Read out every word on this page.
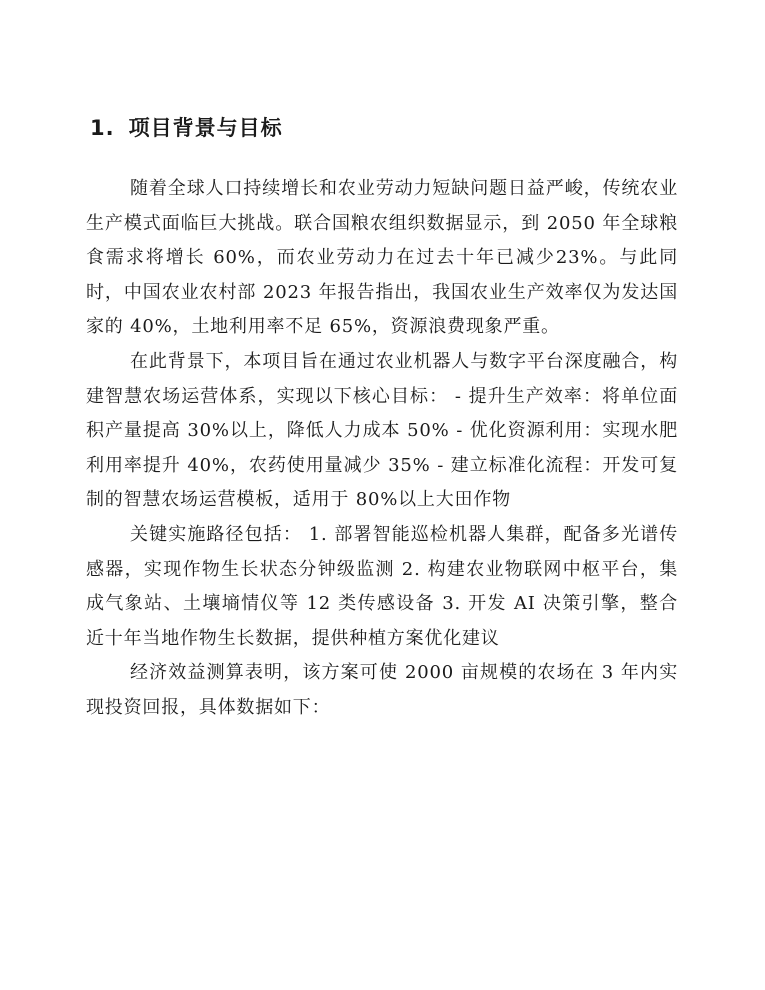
1. 项目背景与目标

随着全球人口持续增长和农业劳动力短缺问题日益严峻，传统农业生产模式面临巨大挑战。联合国粮农组织数据显示，到 2050 年全球粮食需求将增长 60%，而农业劳动力在过去十年已减少23%。与此同时，中国农业农村部 2023 年报告指出，我国农业生产效率仅为发达国家的 40%，土地利用率不足 65%，资源浪费现象严重。

在此背景下，本项目旨在通过农业机器人与数字平台深度融合，构建智慧农场运营体系，实现以下核心目标： - 提升生产效率：将单位面积产量提高 30%以上，降低人力成本 50% - 优化资源利用：实现水肥利用率提升 40%，农药使用量减少 35% - 建立标准化流程：开发可复制的智慧农场运营模板，适用于 80%以上大田作物

关键实施路径包括： 1. 部署智能巡检机器人集群，配备多光谱传感器，实现作物生长状态分钟级监测 2. 构建农业物联网中枢平台，集成气象站、土壤墒情仪等 12 类传感设备 3. 开发 AI 决策引擎，整合近十年当地作物生长数据，提供种植方案优化建议

经济效益测算表明，该方案可使 2000 亩规模的农场在 3 年内实现投资回报，具体数据如下：
